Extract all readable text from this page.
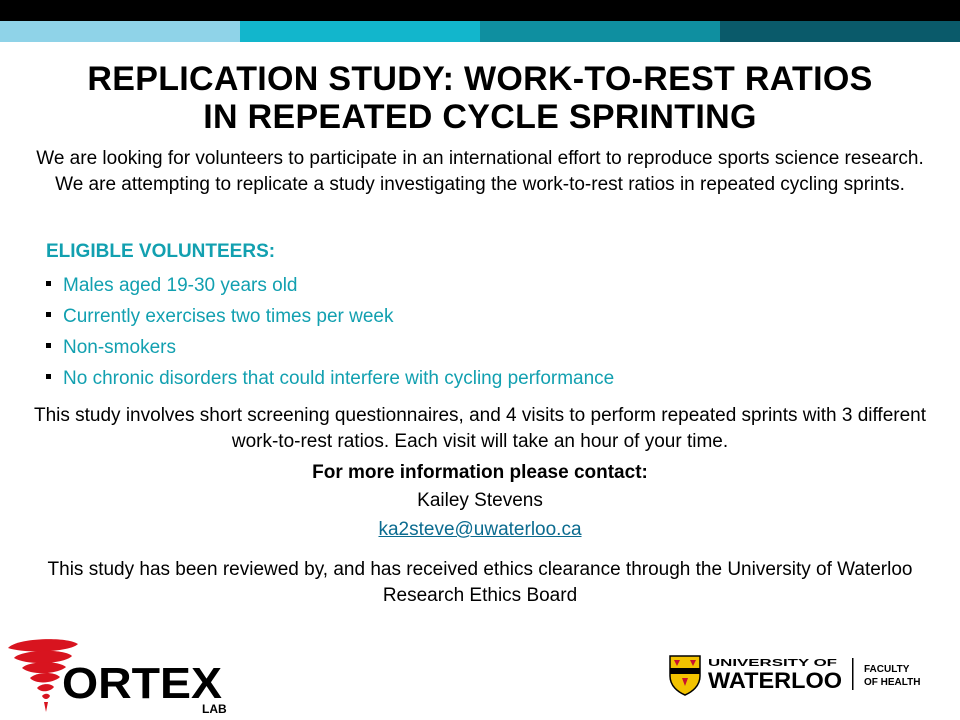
REPLICATION STUDY: WORK-TO-REST RATIOS
IN REPEATED CYCLE SPRINTING
We are looking for volunteers to participate in an international effort to reproduce sports science research. We are attempting to replicate a study investigating the work-to-rest ratios in repeated cycling sprints.
ELIGIBLE VOLUNTEERS:
Males aged 19-30 years old
Currently exercises two times per week
Non-smokers
No chronic disorders that could interfere with cycling performance
This study involves short screening questionnaires, and 4 visits to perform repeated sprints with 3 different work-to-rest ratios. Each visit will take an hour of your time.
For more information please contact:
Kailey Stevens
ka2steve@uwaterloo.ca
This study has been reviewed by, and has received ethics clearance through the University of Waterloo Research Ethics Board
ORTEX
LAB
UNIVERSITY OF
WATERLOO FACULTY
OF HEALTH
